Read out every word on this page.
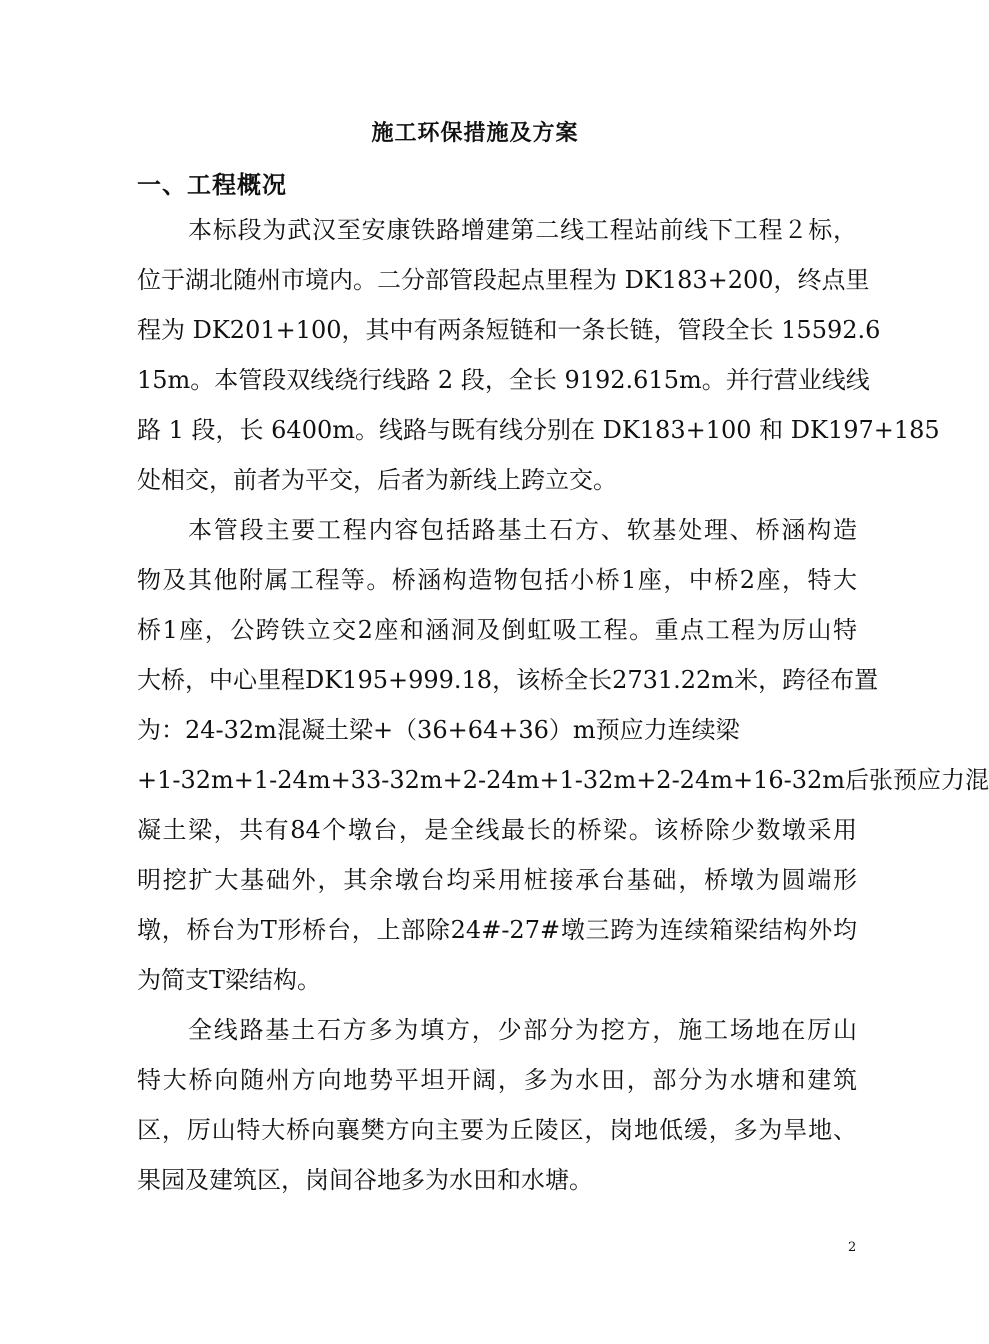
施工环保措施及方案
一、工程概况
本标段为武汉至安康铁路增建第二线工程站前线下工程２标，
位于湖北随州市境内。二分部管段起点里程为 DK183+200，终点里
程为 DK201+100，其中有两条短链和一条长链，管段全长 15592.6
15m。本管段双线绕行线路 2 段，全长 9192.615m。并行营业线线
路 1 段，长 6400m。线路与既有线分别在 DK183+100 和 DK197+185
处相交，前者为平交，后者为新线上跨立交。
本管段主要工程内容包括路基土石方、软基处理、桥涵构造
物及其他附属工程等。桥涵构造物包括小桥1座，中桥2座，特大
桥1座，公跨铁立交2座和涵洞及倒虹吸工程。重点工程为厉山特
大桥，中心里程DK195+999.18，该桥全长2731.22m米，跨径布置
为：24-32m混凝土梁+（36+64+36）m预应力连续梁
+1-32m+1-24m+33-32m+2-24m+1-32m+2-24m+16-32m后张预应力混
凝土梁，共有84个墩台，是全线最长的桥梁。该桥除少数墩采用
明挖扩大基础外，其余墩台均采用桩接承台基础，桥墩为圆端形
墩，桥台为T形桥台，上部除24#-27#墩三跨为连续箱梁结构外均
为简支T梁结构。
全线路基土石方多为填方，少部分为挖方，施工场地在厉山
特大桥向随州方向地势平坦开阔，多为水田，部分为水塘和建筑
区，厉山特大桥向襄樊方向主要为丘陵区，岗地低缓，多为旱地、
果园及建筑区，岗间谷地多为水田和水塘。
2
